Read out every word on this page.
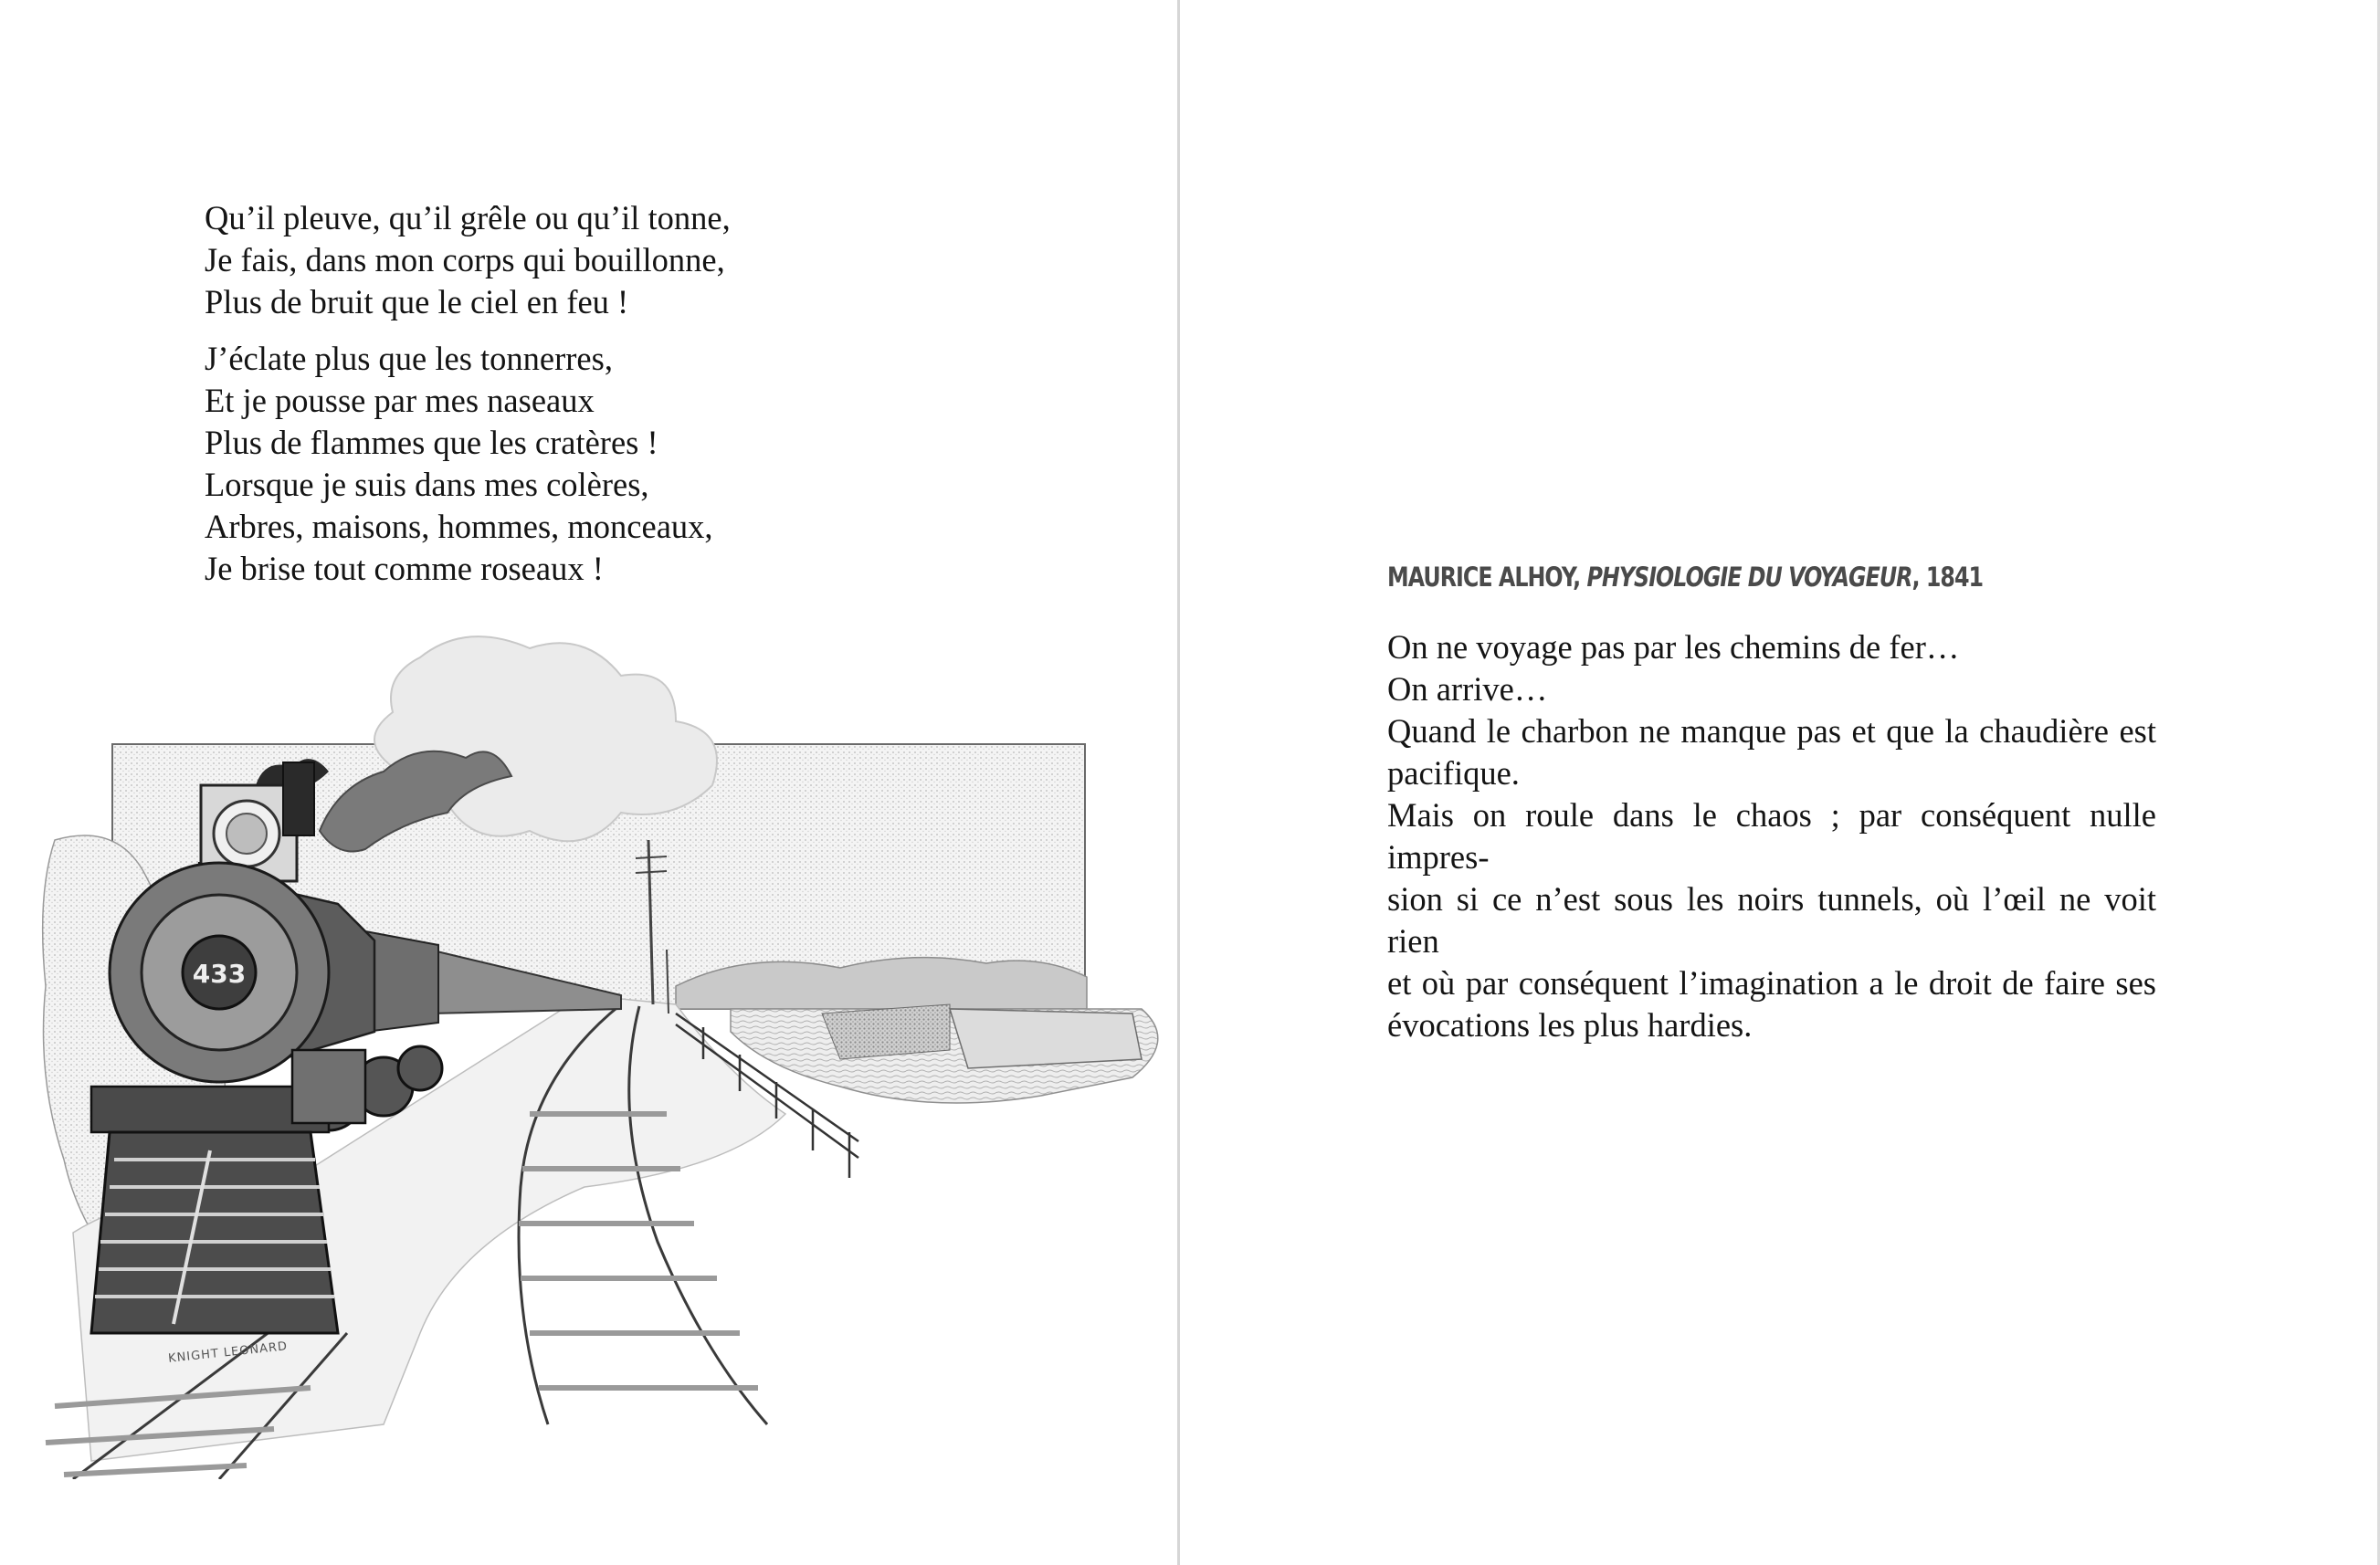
Qu’il pleuve, qu’il grêle ou qu’il tonne,
Je fais, dans mon corps qui bouillonne,
Plus de bruit que le ciel en feu !
J’éclate plus que les tonnerres,
Et je pousse par mes naseaux
Plus de flammes que les cratères !
Lorsque je suis dans mes colères,
Arbres, maisons, hommes, monceaux,
Je brise tout comme roseaux !
433
KNIGHT LEONARD
MAURICE ALHOY, PHYSIOLOGIE DU VOYAGEUR, 1841
On ne voyage pas par les chemins de fer…
On arrive…
Quand le charbon ne manque pas et que la chaudière est
pacifique.
Mais on roule dans le chaos ; par conséquent nulle impres-
sion si ce n’est sous les noirs tunnels, où l’œil ne voit rien
et où par conséquent l’imagination a le droit de faire ses
évocations les plus hardies.
